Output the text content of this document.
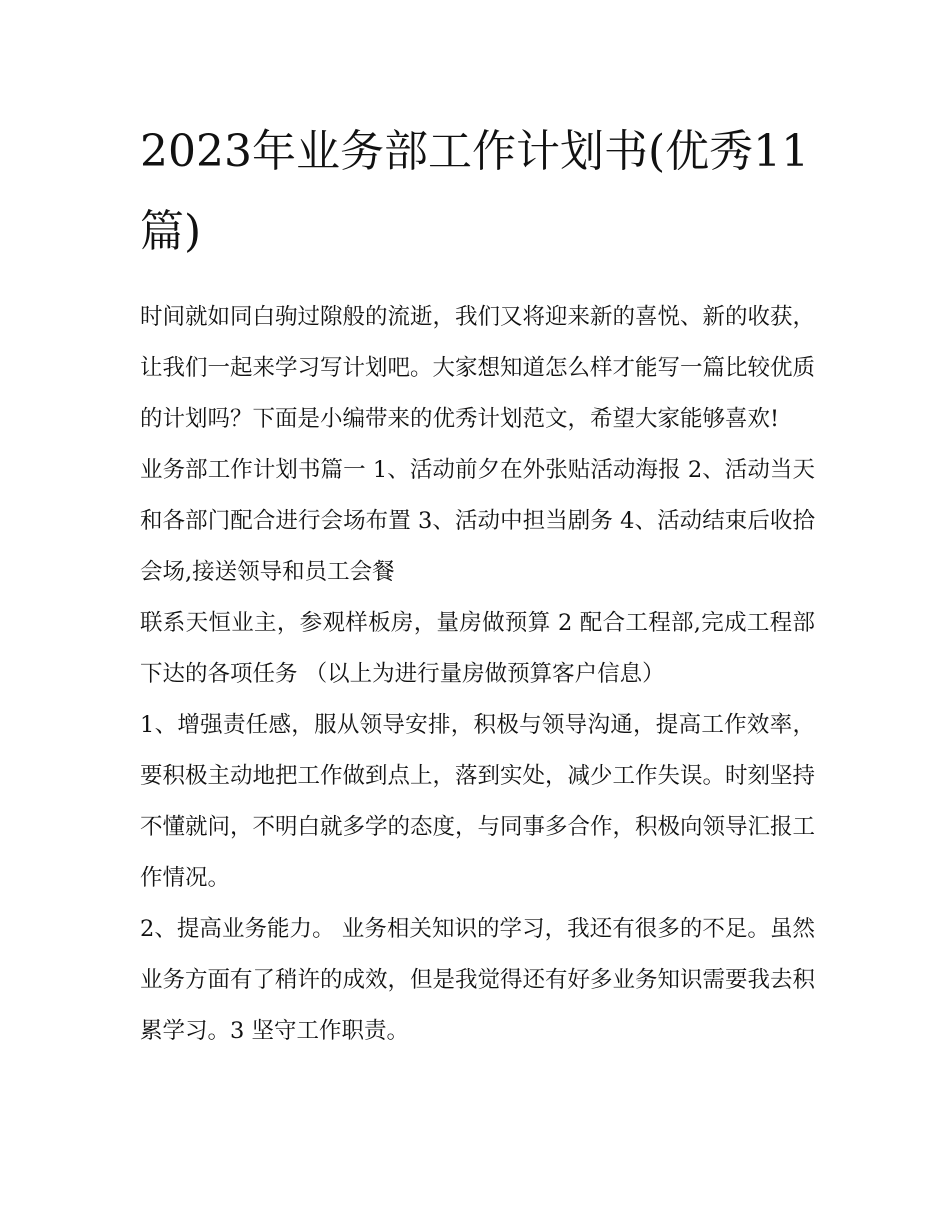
2023年业务部工作计划书(优秀11篇)

时间就如同白驹过隙般的流逝，我们又将迎来新的喜悦、新的收获，让我们一起来学习写计划吧。大家想知道怎么样才能写一篇比较优质的计划吗？下面是小编带来的优秀计划范文，希望大家能够喜欢!

业务部工作计划书篇一 1、活动前夕在外张贴活动海报 2、活动当天和各部门配合进行会场布置 3、活动中担当剧务 4、活动结束后收拾会场,接送领导和员工会餐

联系天恒业主，参观样板房，量房做预算 2 配合工程部,完成工程部下达的各项任务 （以上为进行量房做预算客户信息）

1、增强责任感，服从领导安排，积极与领导沟通，提高工作效率，要积极主动地把工作做到点上，落到实处，减少工作失误。时刻坚持不懂就问，不明白就多学的态度，与同事多合作，积极向领导汇报工作情况。

2、提高业务能力。 业务相关知识的学习，我还有很多的不足。虽然业务方面有了稍许的成效，但是我觉得还有好多业务知识需要我去积累学习。3 坚守工作职责。
